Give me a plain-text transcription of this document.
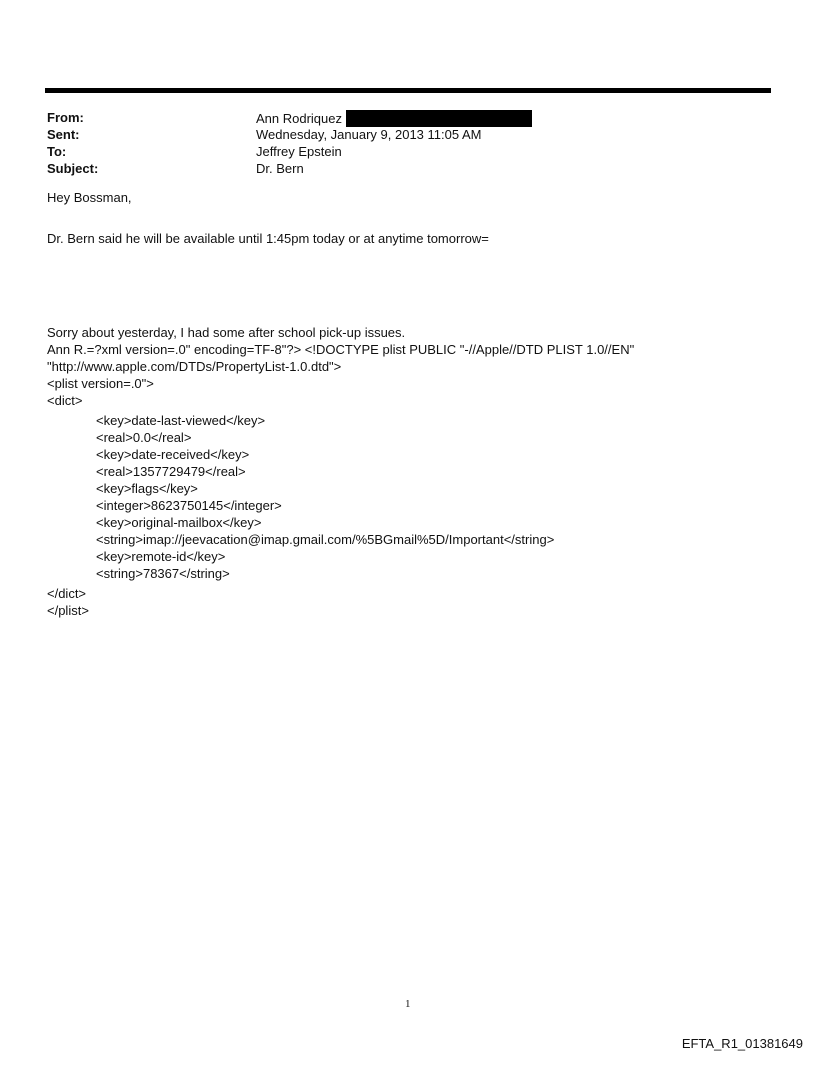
From:	Ann Rodriquez
Sent:	Wednesday, January 9, 2013 11:05 AM
To:	Jeffrey Epstein
Subject:	Dr. Bern
Hey Bossman,
Dr. Bern said he will be available until 1:45pm today or at anytime tomorrow=
Sorry about yesterday, I had some after school pick-up issues.
Ann R.=?xml version=.0" encoding=TF-8"?> <!DOCTYPE plist PUBLIC "-//Apple//DTD PLIST 1.0//EN"
"http://www.apple.com/DTDs/PropertyList-1.0.dtd">
<plist version=.0">
<dict>
<key>date-last-viewed</key>
<real>0.0</real>
<key>date-received</key>
<real>1357729479</real>
<key>flags</key>
<integer>8623750145</integer>
<key>original-mailbox</key>
<string>imap://jeevacation@imap.gmail.com/%5BGmail%5D/Important</string>
<key>remote-id</key>
<string>78367</string>
</dict>
</plist>
1
EFTA_R1_01381649
